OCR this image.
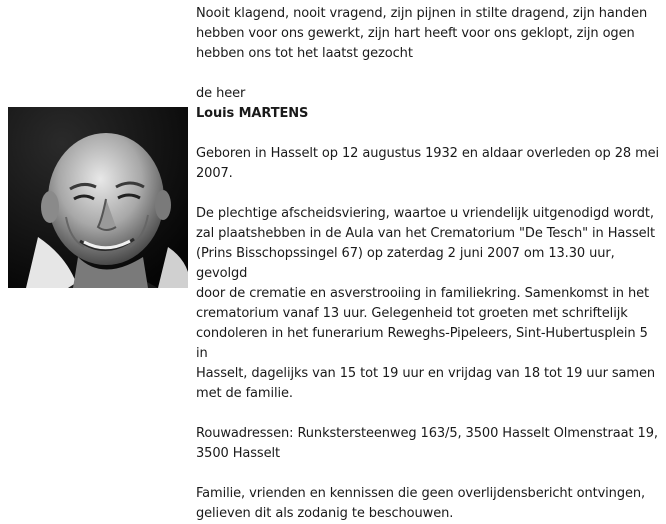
Nooit klagend, nooit vragend, zijn pijnen in stilte dragend, zijn handen

hebben voor ons gewerkt, zijn hart heeft voor ons geklopt, zijn ogen

hebben ons tot het laatst gezocht

de heer

Louis MARTENS

Geboren in Hasselt op 12 augustus 1932 en aldaar overleden op 28 mei

2007.

De plechtige afscheidsviering, waartoe u vriendelijk uitgenodigd wordt,

zal plaatshebben in de Aula van het Crematorium "De Tesch" in Hasselt

(Prins Bisschopssingel 67) op zaterdag 2 juni 2007 om 13.30 uur, gevolgd

door de crematie en asverstrooiing in familiekring. Samenkomst in het

crematorium vanaf 13 uur. Gelegenheid tot groeten met schriftelijk

condoleren in het funerarium Reweghs-Pipeleers, Sint-Hubertusplein 5 in

Hasselt, dagelijks van 15 tot 19 uur en vrijdag van 18 tot 19 uur samen

met de familie.

Rouwadressen: Runkstersteenweg 163/5, 3500 Hasselt Olmenstraat 19,

3500 Hasselt

Familie, vrienden en kennissen die geen overlijdensbericht ontvingen,

gelieven dit als zodanig te beschouwen.
